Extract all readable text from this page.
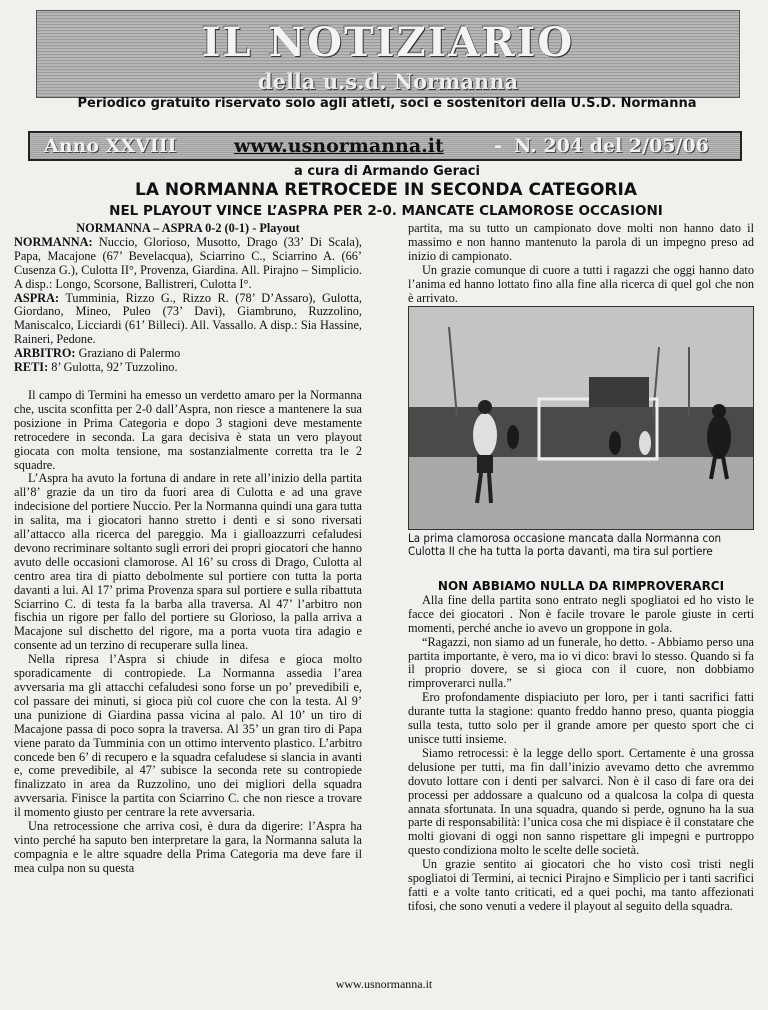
IL NOTIZIARIO
della u.s.d. Normanna
Periodico gratuito riservato solo agli atleti, soci e sostenitori della U.S.D. Normanna
Anno XXVIII	www.usnormanna.it	- N. 204 del 2/05/06
a cura di Armando Geraci
LA NORMANNA RETROCEDE IN SECONDA CATEGORIA
NEL PLAYOUT VINCE L’ASPRA PER 2-0. MANCATE CLAMOROSE OCCASIONI

NORMANNA – ASPRA 0-2 (0-1) - Playout

NORMANNA: Nuccio, Glorioso, Musotto, Drago (33’ Di Scala), Papa, Macajone (67’ Bevelacqua), Sciarrino C., Sciarrino A. (66’ Cusenza G.), Culotta II°, Provenza, Giardina. All. Pirajno – Simplicio. A disp.: Longo, Scorsone, Ballistreri, Culotta I°.

ASPRA: Tumminia, Rizzo G., Rizzo R. (78’ D’Assaro), Gulotta, Giordano, Mineo, Puleo (73’ Davì), Giambruno, Ruzzolino, Maniscalco, Licciardi (61’ Billeci). All. Vassallo. A disp.: Sia Hassine, Raineri, Pedone.

ARBITRO: Graziano di Palermo

RETI: 8’ Gulotta, 92’ Tuzzolino.

Il campo di Termini ha emesso un verdetto amaro per la Normanna che, uscita sconfitta per 2-0 dall’Aspra, non riesce a mantenere la sua posizione in Prima Categoria e dopo 3 stagioni deve mestamente retrocedere in seconda. La gara decisiva è stata un vero playout giocata con molta tensione, ma sostanzialmente corretta tra le 2 squadre.

L’Aspra ha avuto la fortuna di andare in rete all’inizio della partita all’8’ grazie da un tiro da fuori area di Culotta e ad una grave indecisione del portiere Nuccio. Per la Normanna quindi una gara tutta in salita, ma i giocatori hanno stretto i denti e si sono riversati all’attacco alla ricerca del pareggio. Ma i gialloazzurri cefaludesi devono recriminare soltanto sugli errori dei propri giocatori che hanno avuto delle occasioni clamorose. Al 16’ su cross di Drago, Culotta al centro area tira di piatto debolmente sul portiere con tutta la porta davanti a lui. Al 17’ prima Provenza spara sul portiere e sulla ribattuta Sciarrino C. di testa fa la barba alla traversa. Al 47’ l’arbitro non fischia un rigore per fallo del portiere su Glorioso, la palla arriva a Macajone sul dischetto del rigore, ma a porta vuota tira adagio e consente ad un terzino di recuperare sulla linea.

Nella ripresa l’Aspra si chiude in difesa e gioca molto sporadicamente di contropiede. La Normanna assedia l’area avversaria ma gli attacchi cefaludesi sono forse un po’ prevedibili e, col passare dei minuti, si gioca più col cuore che con la testa. Al 9’ una punizione di Giardina passa vicina al palo. Al 10’ un tiro di Macajone passa di poco sopra la traversa. Al 35’ un gran tiro di Papa viene parato da Tumminia con un ottimo intervento plastico. L’arbitro concede ben 6’ di recupero e la squadra cefaludese si slancia in avanti e, come prevedibile, al 47’ subisce la seconda rete su contropiede finalizzato in area da Ruzzolino, uno dei migliori della squadra avversaria. Finisce la partita con Sciarrino C. che non riesce a trovare il momento giusto per centrare la rete avversaria.

Una retrocessione che arriva così, è dura da digerire: l’Aspra ha vinto perché ha saputo ben interpretare la gara, la Normanna saluta la compagnia e le altre squadre della Prima Categoria ma deve fare il mea culpa non su questa

partita, ma su tutto un campionato dove molti non hanno dato il massimo e non hanno mantenuto la parola di un impegno preso ad inizio di campionato.

Un grazie comunque di cuore a tutti i ragazzi che oggi hanno dato l’anima ed hanno lottato fino alla fine alla ricerca di quel gol che non è arrivato.

La prima clamorosa occasione mancata dalla Normanna con Culotta II che ha tutta la porta davanti, ma tira sul portiere

NON ABBIAMO NULLA DA RIMPROVERARCI

Alla fine della partita sono entrato negli spogliatoi ed ho visto le facce dei giocatori . Non è facile trovare le parole giuste in certi momenti, perché anche io avevo un groppone in gola.

“Ragazzi, non siamo ad un funerale, ho detto. - Abbiamo perso una partita importante, è vero, ma io vi dico: bravi lo stesso. Quando si fa il proprio dovere, se si gioca con il cuore, non dobbiamo rimproverarci nulla.”

Ero profondamente dispiaciuto per loro, per i tanti sacrifici fatti durante tutta la stagione: quanto freddo hanno preso, quanta pioggia sulla testa, tutto solo per il grande amore per questo sport che ci unisce tutti insieme.

Siamo retrocessi: è la legge dello sport. Certamente è una grossa delusione per tutti, ma fin dall’inizio avevamo detto che avremmo dovuto lottare con i denti per salvarci. Non è il caso di fare ora dei processi per addossare a qualcuno od a qualcosa la colpa di questa annata sfortunata. In una squadra, quando si perde, ognuno ha la sua parte di responsabilità: l’unica cosa che mi dispiace è il constatare che molti giovani di oggi non sanno rispettare gli impegni e purtroppo questo condiziona molto le scelte delle società.

Un grazie sentito ai giocatori che ho visto così tristi negli spogliatoi di Termini, ai tecnici Pirajno e Simplicio per i tanti sacrifici fatti e a volte tanto criticati, ed a quei pochi, ma tanto affezionati tifosi, che sono venuti a vedere il playout al seguito della squadra.

www.usnormanna.it
